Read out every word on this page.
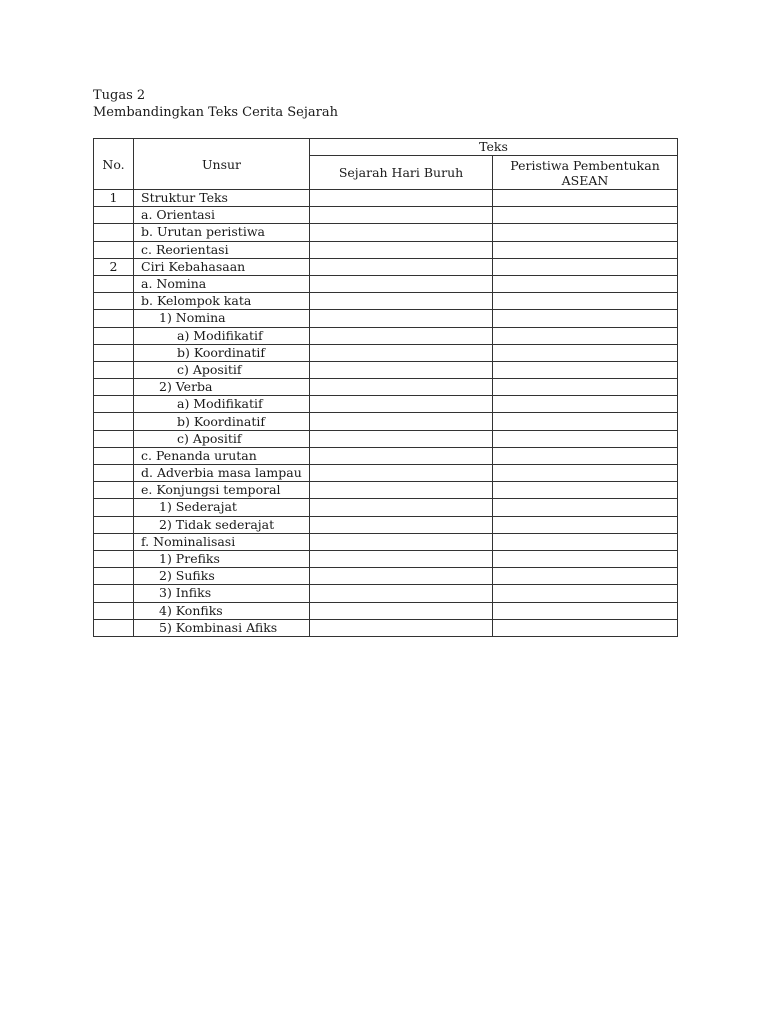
Tugas 2
Membandingkan Teks Cerita Sejarah
No.	Unsur	Teks	
		Sejarah Hari Buruh	Peristiwa Pembentukan ASEAN
1	Struktur Teks		
	a. Orientasi		
	b. Urutan peristiwa		
	c. Reorientasi		
2	Ciri Kebahasaan		
	a. Nomina		
	b. Kelompok kata		
	1) Nomina		
	a) Modifikatif		
	b) Koordinatif		
	c) Apositif		
	2) Verba		
	a) Modifikatif		
	b) Koordinatif		
	c) Apositif		
	c. Penanda urutan		
	d. Adverbia masa lampau		
	e. Konjungsi temporal		
	1) Sederajat		
	2) Tidak sederajat		
	f. Nominalisasi		
	1) Prefiks		
	2) Sufiks		
	3) Infiks		
	4) Konfiks		
	5) Kombinasi Afiks		
